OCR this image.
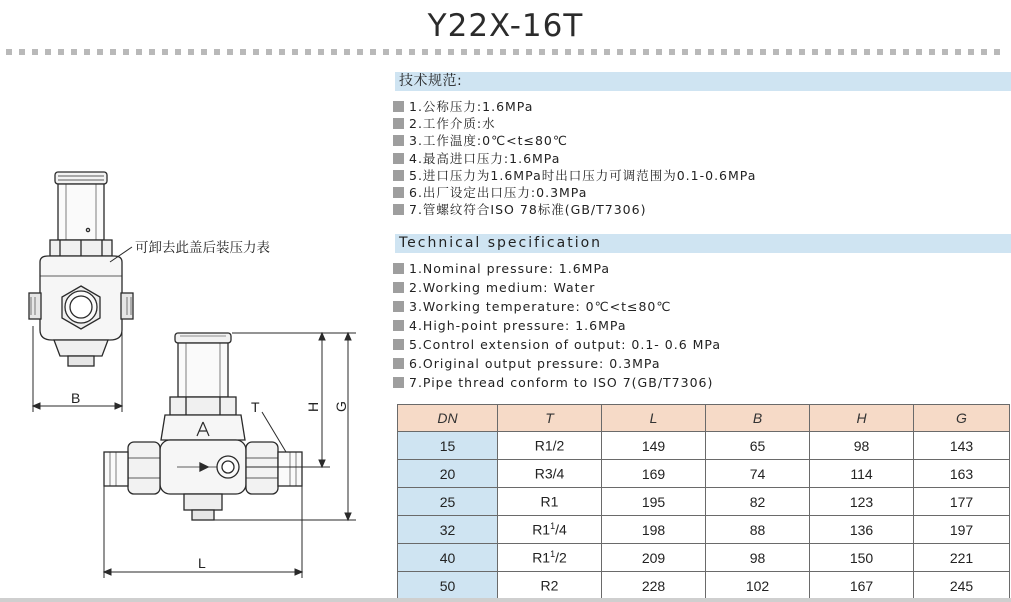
Y22X-16T
可卸去此盖后装压力表
B
T	H G
L
技术规范:
1.公称压力:1.6MPa
2.工作介质:水
3.工作温度:0℃<t≤80℃
4.最高进口压力:1.6MPa
5.进口压力为1.6MPa时出口压力可调范围为0.1-0.6MPa
6.出厂设定出口压力:0.3MPa
7.管螺纹符合ISO 78标准(GB/T7306)
Technical specification
1.Nominal pressure: 1.6MPa
2.Working medium: Water
3.Working temperature: 0℃<t≤80℃
4.High-point pressure: 1.6MPa
5.Control extension of output: 0.1- 0.6 MPa
6.Original output pressure: 0.3MPa
7.Pipe thread conform to ISO 7(GB/T7306)
DN	T	L	B	H	G
15	R1/2	149	65	98	143
20	R3/4	169	74	114	163
25	R1	195	82	123	177
32	$R1^1/4$	198	88	136	197
40	$R1^1/2$	209	98	150	221
50	R2	228	102	167	245
